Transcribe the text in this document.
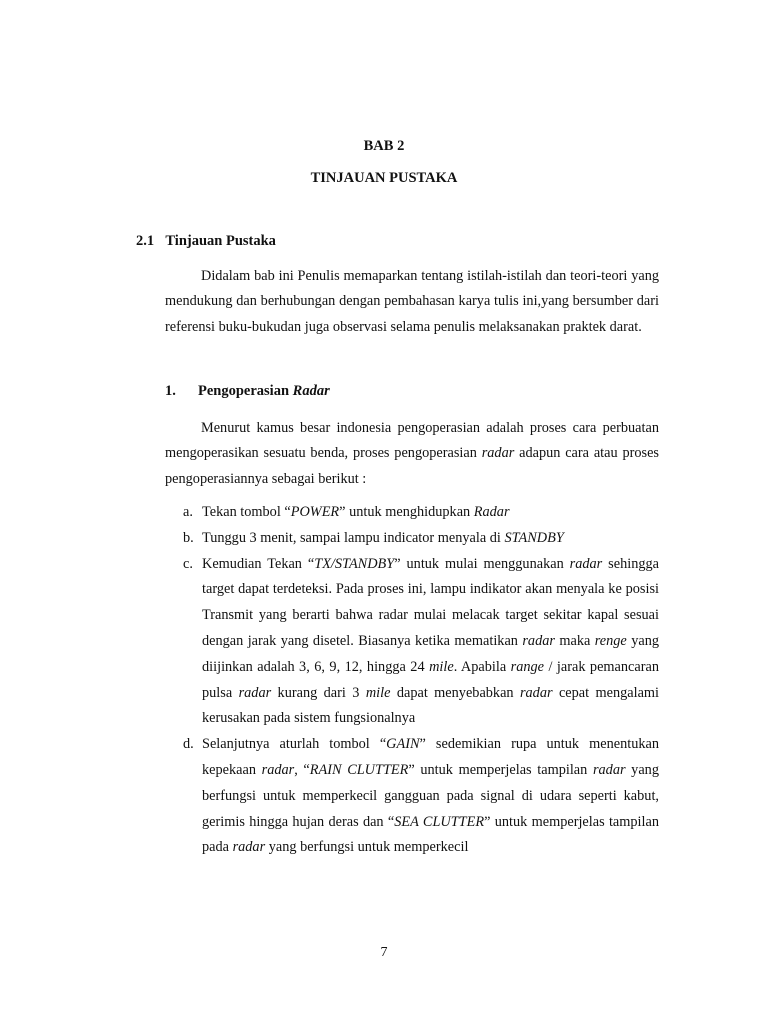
BAB 2
TINJAUAN PUSTAKA
2.1 Tinjauan Pustaka

Didalam bab ini Penulis memaparkan tentang istilah-istilah dan teori-teori yang mendukung dan berhubungan dengan pembahasan karya tulis ini,yang bersumber dari referensi buku-bukudan juga observasi selama penulis melaksanakan praktek darat.

1. Pengoperasian Radar

Menurut kamus besar indonesia pengoperasian adalah proses cara perbuatan mengoperasikan sesuatu benda, proses pengoperasian radar adapun cara atau proses pengoperasiannya sebagai berikut :

a. Tekan tombol “POWER” untuk menghidupkan Radar
b. Tunggu 3 menit, sampai lampu indicator menyala di STANDBY
c. Kemudian Tekan “TX/STANDBY” untuk mulai menggunakan radar sehingga target dapat terdeteksi. Pada proses ini, lampu indikator akan menyala ke posisi Transmit yang berarti bahwa radar mulai melacak target sekitar kapal sesuai dengan jarak yang disetel. Biasanya ketika mematikan radar maka renge yang diijinkan adalah 3, 6, 9, 12, hingga 24 mile. Apabila range / jarak pemancaran pulsa radar kurang dari 3 mile dapat menyebabkan radar cepat mengalami kerusakan pada sistem fungsionalnya
d. Selanjutnya aturlah tombol “GAIN” sedemikian rupa untuk menentukan kepekaan radar, “RAIN CLUTTER” untuk memperjelas tampilan radar yang berfungsi untuk memperkecil gangguan pada signal di udara seperti kabut, gerimis hingga hujan deras dan “SEA CLUTTER” untuk memperjelas tampilan pada radar yang berfungsi untuk memperkecil

7
